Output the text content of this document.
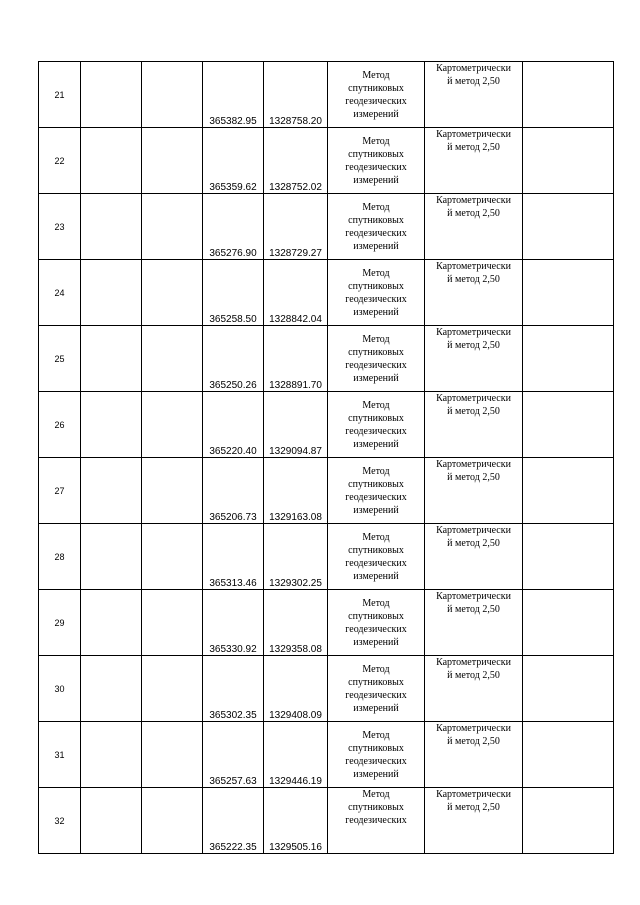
21			365382.95	1328758.20	Метод
спутниковых
геодезических
измерений	Картометрически
й метод 2,50	

22			365359.62	1328752.02	Метод
спутниковых
геодезических
измерений	Картометрически
й метод 2,50	

23			365276.90	1328729.27	Метод
спутниковых
геодезических
измерений	Картометрически
й метод 2,50	

24			365258.50	1328842.04	Метод
спутниковых
геодезических
измерений	Картометрически
й метод 2,50	

25			365250.26	1328891.70	Метод
спутниковых
геодезических
измерений	Картометрически
й метод 2,50	

26			365220.40	1329094.87	Метод
спутниковых
геодезических
измерений	Картометрически
й метод 2,50	

27			365206.73	1329163.08	Метод
спутниковых
геодезических
измерений	Картометрически
й метод 2,50	

28			365313.46	1329302.25	Метод
спутниковых
геодезических
измерений	Картометрически
й метод 2,50	

29			365330.92	1329358.08	Метод
спутниковых
геодезических
измерений	Картометрически
й метод 2,50	

30			365302.35	1329408.09	Метод
спутниковых
геодезических
измерений	Картометрически
й метод 2,50	

31			365257.63	1329446.19	Метод
спутниковых
геодезических
измерений	Картометрически
й метод 2,50	

32			365222.35	1329505.16	Метод
спутниковых
геодезических	Картометрически
й метод 2,50	
